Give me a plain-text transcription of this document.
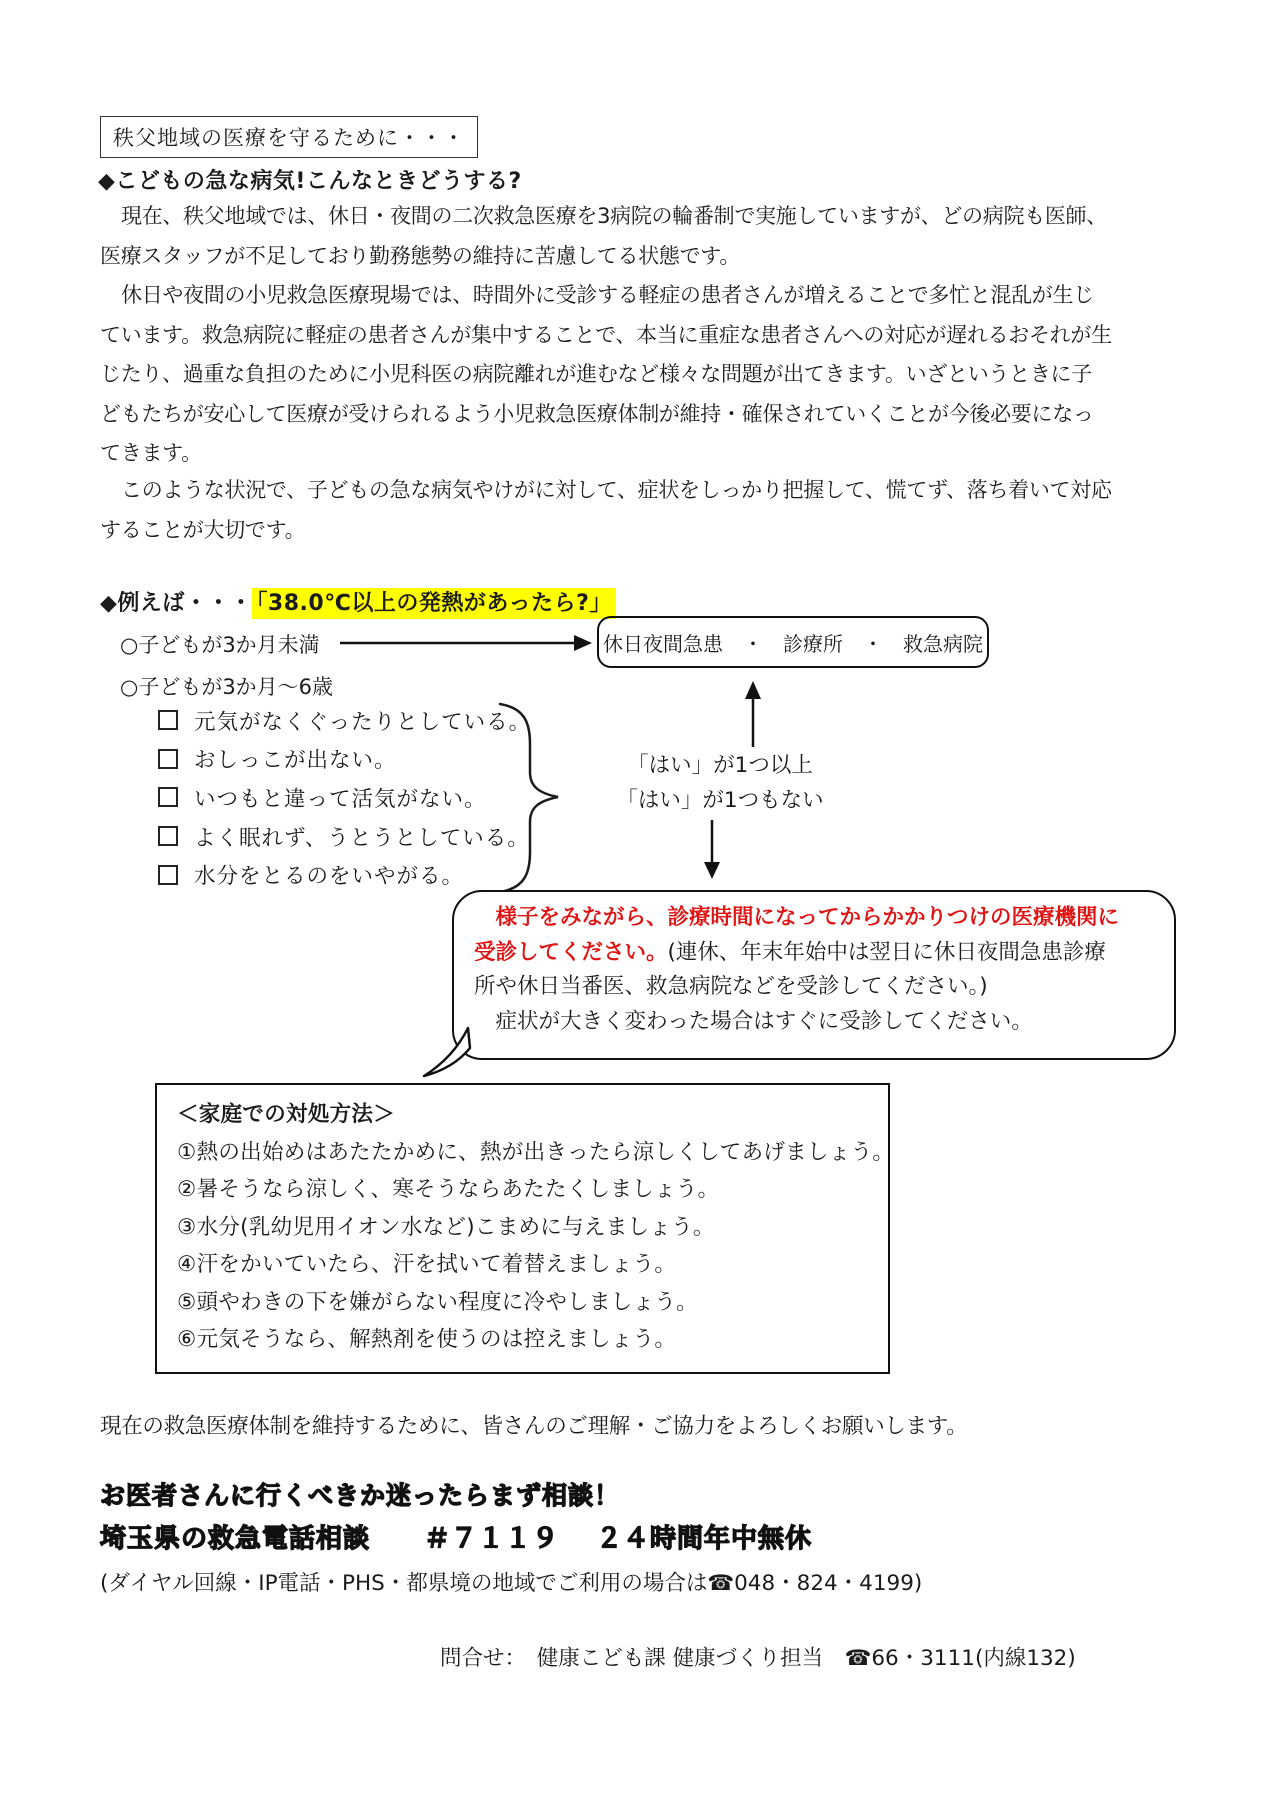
秩父地域の医療を守るために・・・
◆こどもの急な病気!こんなときどうする?
現在、秩父地域では、休日・夜間の二次救急医療を3病院の輪番制で実施していますが、どの病院も医師、医療スタッフが不足しており勤務態勢の維持に苦慮してる状態です。
休日や夜間の小児救急医療現場では、時間外に受診する軽症の患者さんが増えることで多忙と混乱が生じています。救急病院に軽症の患者さんが集中することで、本当に重症な患者さんへの対応が遅れるおそれが生じたり、過重な負担のために小児科医の病院離れが進むなど様々な問題が出てきます。いざというときに子どもたちが安心して医療が受けられるよう小児救急医療体制が維持・確保されていくことが今後必要になってきます。
このような状況で、子どもの急な病気やけがに対して、症状をしっかり把握して、慌てず、落ち着いて対応することが大切です。
◆例えば・・・ 「38.0℃以上の発熱があったら?」
○子どもが3か月未満	休日夜間急患　・　診療所　・　救急病院
○子どもが3か月〜6歳
元気がなくぐったりとしている。
おしっこが出ない。
いつもと違って活気がない。
よく眠れず、うとうとしている。
水分をとるのをいやがる。
「はい」が1つ以上
「はい」が1つもない
　様子をみながら、診療時間になってからかかりつけの医療機関に
受診してください。(連休、年末年始中は翌日に休日夜間急患診療
所や休日当番医、救急病院などを受診してください。)
　症状が大きく変わった場合はすぐに受診してください。
＜家庭での対処方法＞
①熱の出始めはあたたかめに、熱が出きったら涼しくしてあげましょう。
②暑そうなら涼しく、寒そうならあたたくしましょう。
③水分(乳幼児用イオン水など)こまめに与えましょう。
④汗をかいていたら、汗を拭いて着替えましょう。
⑤頭やわきの下を嫌がらない程度に冷やしましょう。
⑥元気そうなら、解熱剤を使うのは控えましょう。
現在の救急医療体制を維持するために、皆さんのご理解・ご協力をよろしくお願いします。
お医者さんに行くべきか迷ったらまず相談！
埼玉県の救急電話相談　　＃７１１９　 ２４時間年中無休
(ダイヤル回線・IP電話・PHS・都県境の地域でご利用の場合は☎048・824・4199)
問合せ：　健康こども課 健康づくり担当　☎66・3111(内線132)
